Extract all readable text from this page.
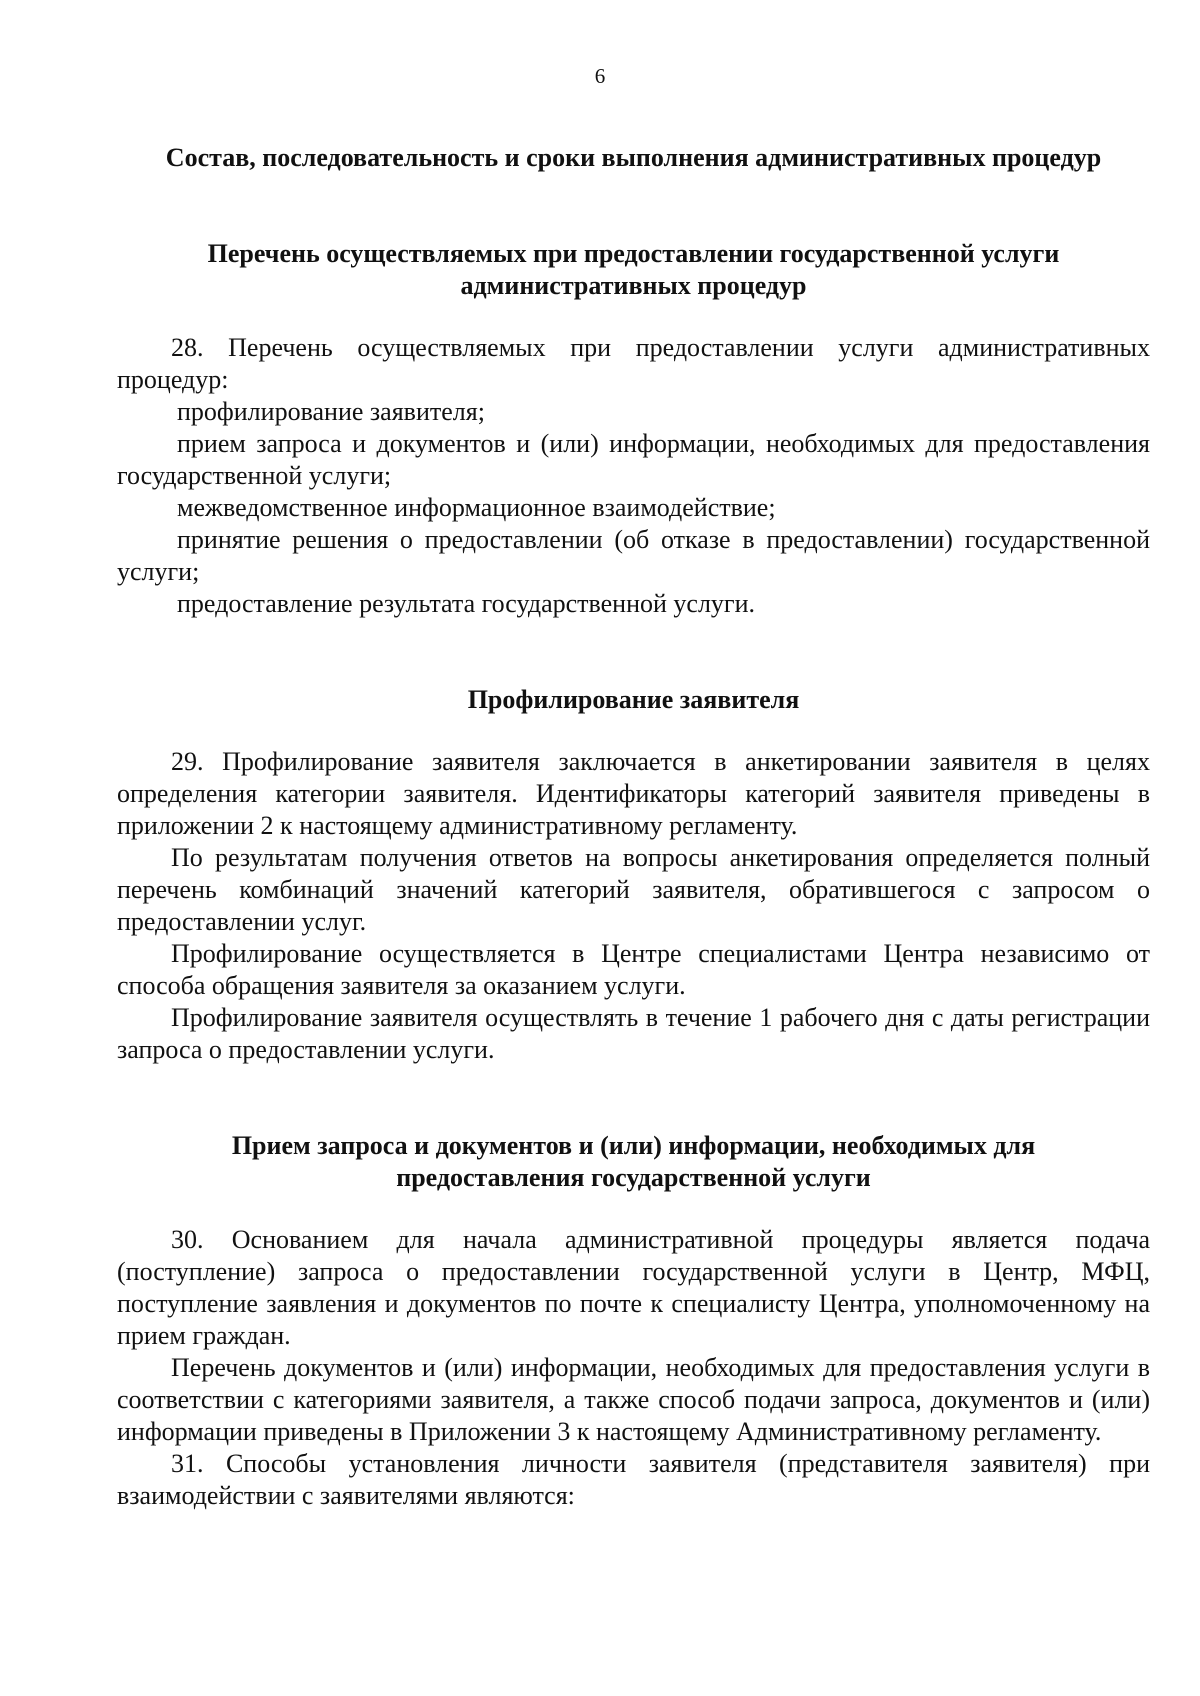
6
Состав, последовательность и сроки выполнения административных процедур
Перечень осуществляемых при предоставлении государственной услуги административных процедур

28. Перечень осуществляемых при предоставлении услуги административных процедур:

профилирование заявителя;

прием запроса и документов и (или) информации, необходимых для предоставления государственной услуги;

межведомственное информационное взаимодействие;

принятие решения о предоставлении (об отказе в предоставлении) государственной услуги;

предоставление результата государственной услуги.

Профилирование заявителя

29. Профилирование заявителя заключается в анкетировании заявителя в целях определения категории заявителя. Идентификаторы категорий заявителя приведены в приложении 2 к настоящему административному регламенту.

По результатам получения ответов на вопросы анкетирования определяется полный перечень комбинаций значений категорий заявителя, обратившегося с запросом о предоставлении услуг.

Профилирование осуществляется в Центре специалистами Центра независимо от способа обращения заявителя за оказанием услуги.

Профилирование заявителя осуществлять в течение 1 рабочего дня с даты регистрации запроса о предоставлении услуги.

Прием запроса и документов и (или) информации, необходимых для предоставления государственной услуги

30. Основанием для начала административной процедуры является подача (поступление) запроса о предоставлении государственной услуги в Центр, МФЦ, поступление заявления и документов по почте к специалисту Центра, уполномоченному на прием граждан.

Перечень документов и (или) информации, необходимых для предоставления услуги в соответствии с категориями заявителя, а также способ подачи запроса, документов и (или) информации приведены в Приложении 3 к настоящему Административному регламенту.

31. Способы установления личности заявителя (представителя заявителя) при взаимодействии с заявителями являются:
